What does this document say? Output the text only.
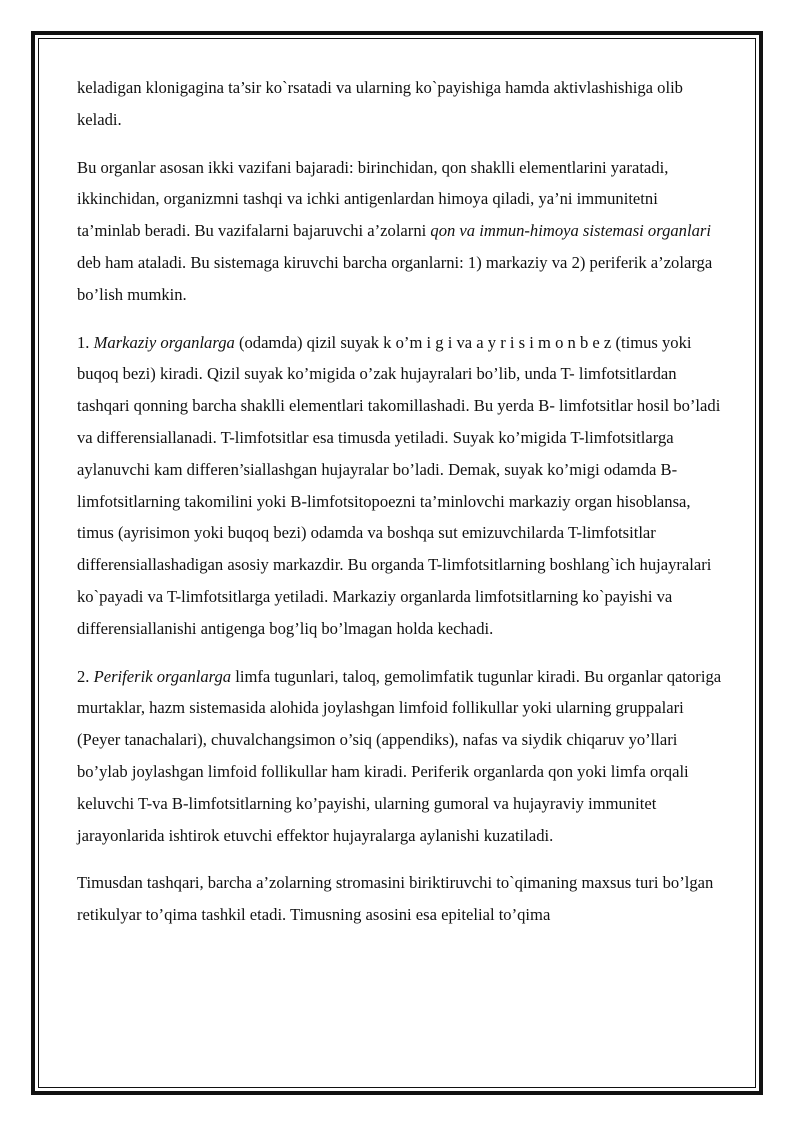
keladigan klonigagina ta’sir ko`rsatadi va ularning ko`payishiga hamda aktivlashishiga olib keladi.

Bu organlar asosan ikki vazifani bajaradi: birinchidan, qon shaklli elementlarini yaratadi, ikkinchidan, organizmni tashqi va ichki antigenlardan himoya qiladi, ya’ni immunitetni ta’minlab beradi. Bu vazifalarni bajaruvchi a’zolarni qon va immun-himoya sistemasi organlari deb ham ataladi. Bu sistemaga kiruvchi barcha organlarni: 1) markaziy va 2) periferik a’zolarga bo’lish mumkin.

1. Markaziy organlarga (odamda) qizil suyak k o’m i g i va a y r i s i m o n b e z (timus yoki buqoq bezi) kiradi. Qizil suyak ko’migida o’zak hujayralari bo’lib, unda T- limfotsitlardan tashqari qonning barcha shaklli elementlari takomillashadi. Bu yerda B- limfotsitlar hosil bo’ladi va differensiallanadi. T-limfotsitlar esa timusda yetiladi. Suyak ko’migida T-limfotsitlarga aylanuvchi kam differen’siallashgan hujayralar bo’ladi. Demak, suyak ko’migi odamda B- limfotsitlarning takomilini yoki B-limfotsitopoezni ta’minlovchi markaziy organ hisoblansa, timus (ayrisimon yoki buqoq bezi) odamda va boshqa sut emizuvchilarda T-limfotsitlar differensiallashadigan asosiy markazdir. Bu organda T-limfotsitlarning boshlang`ich hujayralari ko`payadi va T-limfotsitlarga yetiladi. Markaziy organlarda limfotsitlarning ko`payishi va differensiallanishi antigenga bog’liq bo’lmagan holda kechadi.

2. Periferik organlarga limfa tugunlari, taloq, gemolimfatik tugunlar kiradi. Bu organlar qatoriga murtaklar, hazm sistemasida alohida joylashgan limfoid follikullar yoki ularning gruppalari (Peyer tanachalari), chuvalchangsimon o’siq (appendiks), nafas va siydik chiqaruv yo’llari bo’ylab joylashgan limfoid follikullar ham kiradi. Periferik organlarda qon yoki limfa orqali keluvchi T-va B-limfotsitlarning ko’payishi, ularning gumoral va hujayraviy immunitet jarayonlarida ishtirok etuvchi effektor hujayralarga aylanishi kuzatiladi.

Timusdan tashqari, barcha a’zolarning stromasini biriktiruvchi to`qimaning maxsus turi bo’lgan retikulyar to’qima tashkil etadi. Timusning asosini esa epitelial to’qima
